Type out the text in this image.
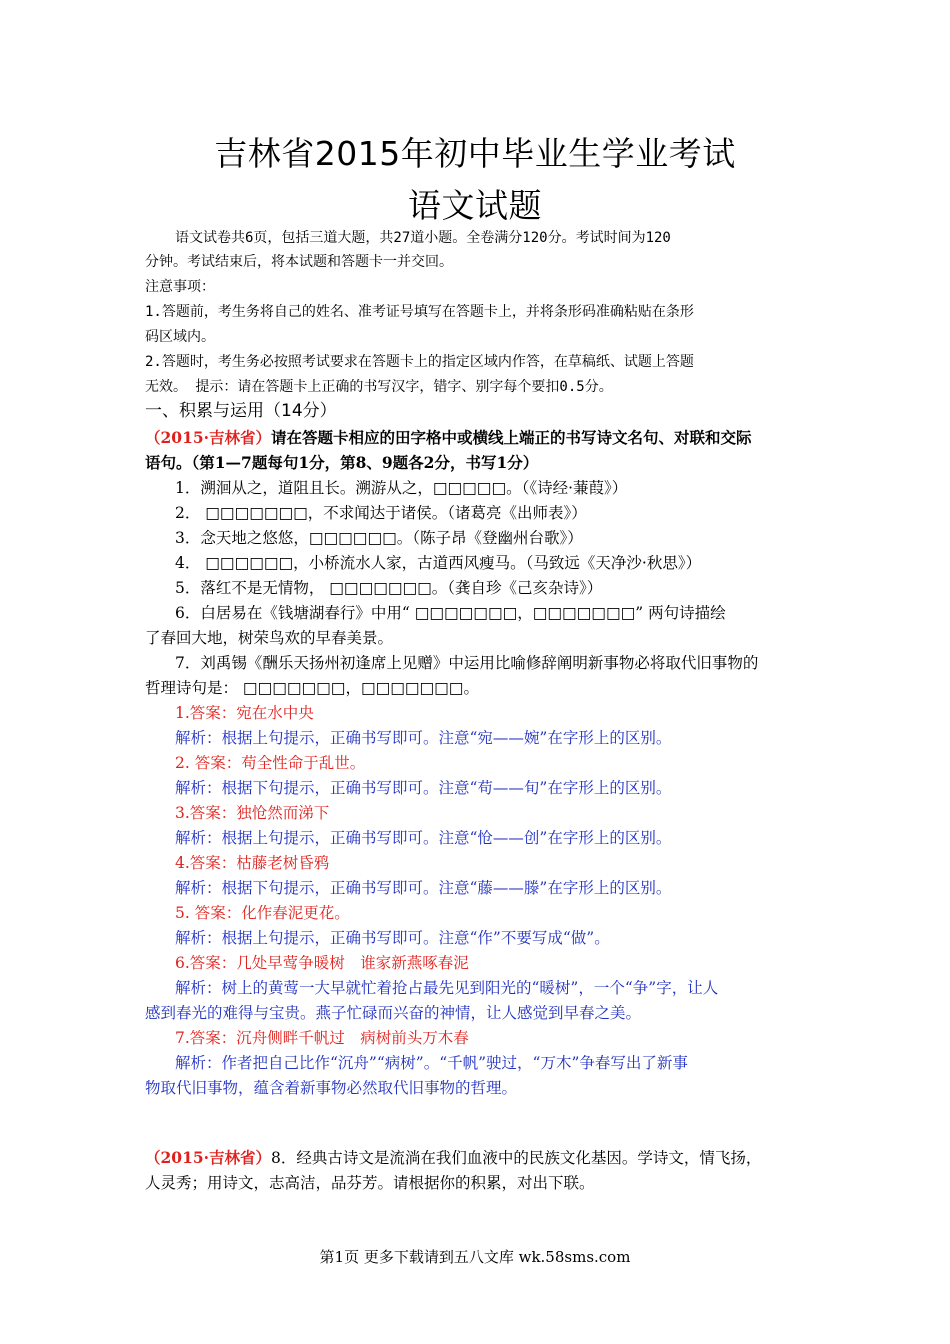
吉林省2015年初中毕业生学业考试
语文试题
语文试卷共6页，包括三道大题，共27道小题。全卷满分120分。考试时间为120
分钟。考试结束后，将本试题和答题卡一并交回。
注意事项：
1.答题前，考生务将自己的姓名、准考证号填写在答题卡上，并将条形码准确粘贴在条形
码区域内。
2.答题时，考生务必按照考试要求在答题卡上的指定区域内作答，在草稿纸、试题上答题
无效。 提示：请在答题卡上正确的书写汉字，错字、别字每个要扣0.5分。
一、积累与运用（14分）
（2015·吉林省）请在答题卡相应的田字格中或横线上端正的书写诗文名句、对联和交际
语句。（第1—7题每句1分，第8、9题各2分，书写1分）
1．溯洄从之，道阻且长。溯游从之，□□□□□。（《诗经·蒹葭》）
2． □□□□□□□，不求闻达于诸侯。（诸葛亮《出师表》）
3．念天地之悠悠，□□□□□□。（陈子昂《登幽州台歌》）
4． □□□□□□，小桥流水人家，古道西风瘦马。（马致远《天净沙·秋思》）
5．落红不是无情物， □□□□□□□。（龚自珍《己亥杂诗》）
6．白居易在《钱塘湖春行》中用“ □□□□□□□，□□□□□□□” 两句诗描绘
了春回大地，树荣鸟欢的早春美景。
7．刘禹锡《酬乐天扬州初逢席上见赠》中运用比喻修辞阐明新事物必将取代旧事物的
哲理诗句是： □□□□□□□，□□□□□□□。
1.答案：宛在水中央
解析：根据上句提示，正确书写即可。注意“宛——婉”在字形上的区别。
2. 答案：苟全性命于乱世。
解析：根据下句提示，正确书写即可。注意“苟——旬”在字形上的区别。
3.答案：独怆然而涕下
解析：根据上句提示，正确书写即可。注意“怆——创”在字形上的区别。
4.答案：枯藤老树昏鸦
解析：根据下句提示，正确书写即可。注意“藤——滕”在字形上的区别。
5. 答案：化作春泥更花。
解析：根据上句提示，正确书写即可。注意“作”不要写成“做”。
6.答案：几处早莺争暖树　谁家新燕啄春泥
解析：树上的黄莺一大早就忙着抢占最先见到阳光的“暖树”，一个“争”字，让人
感到春光的难得与宝贵。燕子忙碌而兴奋的神情，让人感觉到早春之美。
7.答案：沉舟侧畔千帆过　病树前头万木春
解析：作者把自己比作“沉舟”“病树”。“千帆”驶过，“万木”争春写出了新事
物取代旧事物，蕴含着新事物必然取代旧事物的哲理。
（2015·吉林省）8．经典古诗文是流淌在我们血液中的民族文化基因。学诗文，情飞扬，
人灵秀；用诗文，志高洁，品芬芳。请根据你的积累，对出下联。
第1页 更多下载请到五八文库 wk.58sms.com
